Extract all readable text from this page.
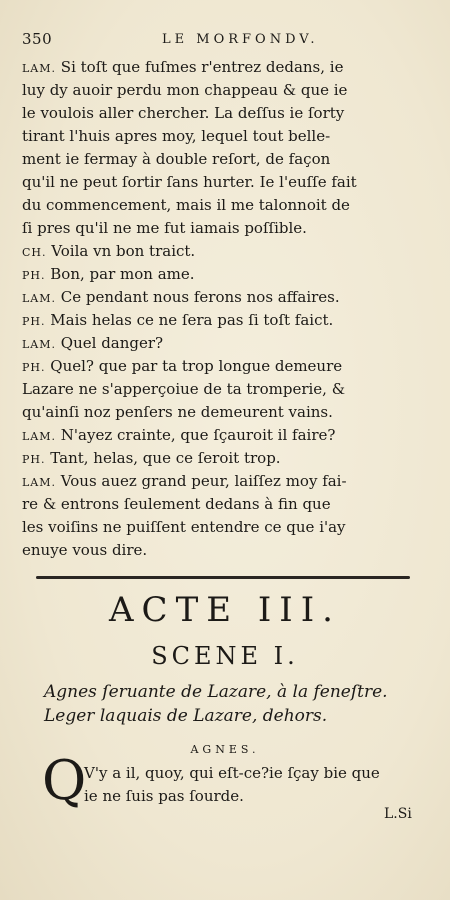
350	LE MORFONDV.
LAM. Si toſt que fuſmes r'entrez dedans, ie
luy dy auoir perdu mon chappeau & que ie
le voulois aller chercher. La deſſus ie ſorty
tirant l'huis apres moy, lequel tout belle-
ment ie fermay à double reſort, de façon
qu'il ne peut ſortir ſans hurter. Ie l'euſſe fait
du commencement, mais il me talonnoit de
ſi pres qu'il ne me fut iamais poſſible.
CH. Voila vn bon traict.
PH. Bon, par mon ame.
LAM. Ce pendant nous ferons nos affaires.
PH. Mais helas ce ne ſera pas ſi toſt faict.
LAM. Quel danger?
PH. Quel? que par ta trop longue demeure
Lazare ne s'apperçoiue de ta tromperie, &
qu'ainſi noz penſers ne demeurent vains.
LAM. N'ayez crainte, que ſçauroit il faire?
PH. Tant, helas, que ce ſeroit trop.
LAM. Vous auez grand peur, laiſſez moy fai-
re & entrons ſeulement dedans à fin que
les voiſins ne puiſſent entendre ce que i'ay
enuye vous dire.
ACTE III.
SCENE I.
Agnes ſeruante de Lazare, à la feneſtre.
Leger laquais de Lazare, dehors.
AGNES.
Q
V'y a il, quoy, qui eſt-ce?ie ſçay bie que
ie ne ſuis pas ſourde.
L.Si
